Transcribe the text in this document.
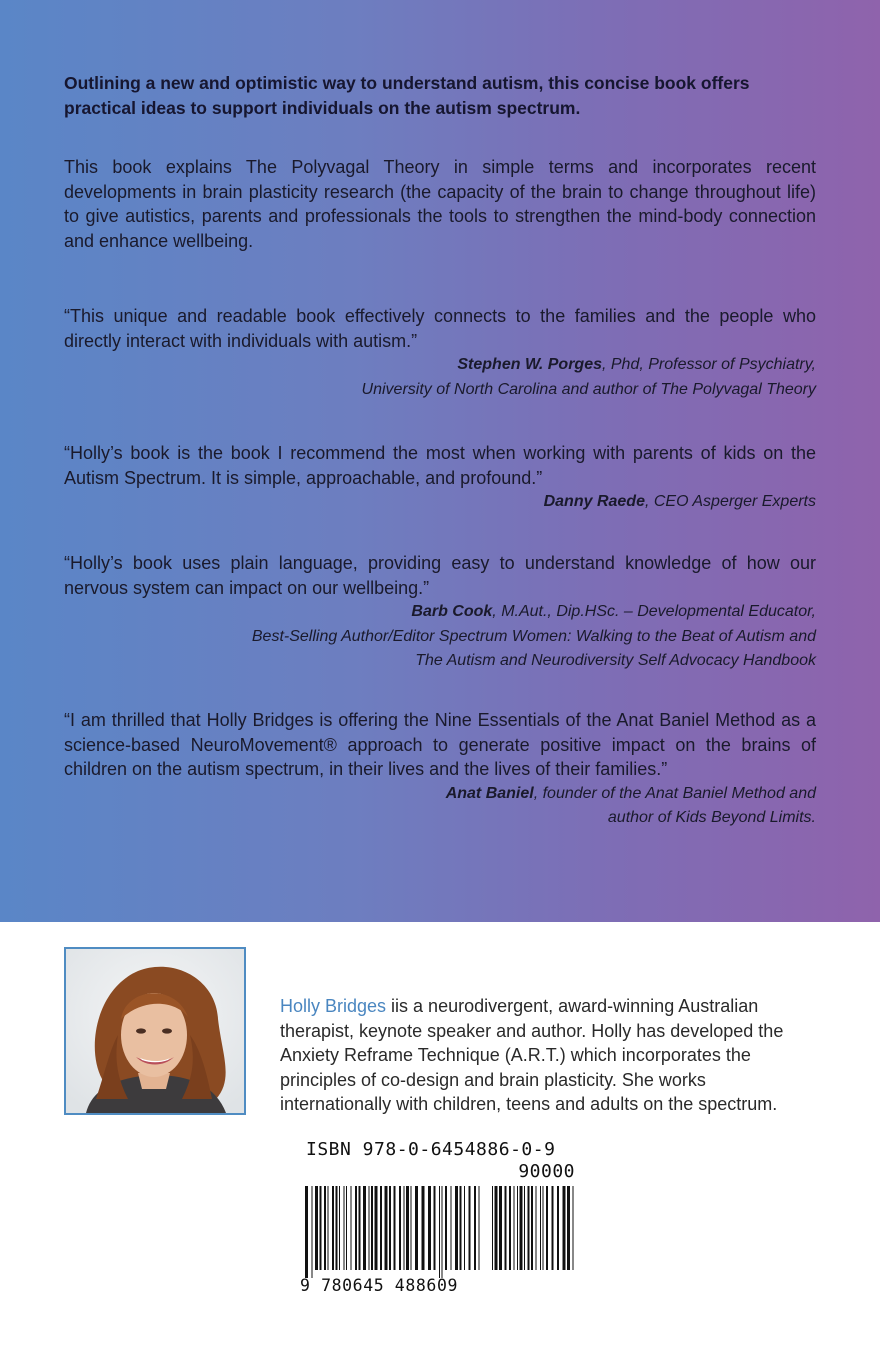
Outlining a new and optimistic way to understand autism, this concise book offers practical ideas to support individuals on the autism spectrum.

This book explains The Polyvagal Theory in simple terms and incorporates recent developments in brain plasticity research (the capacity of the brain to change throughout life) to give autistics, parents and professionals the tools to strengthen the mind-body connection and enhance wellbeing.

“This unique and readable book effectively connects to the families and the people who directly interact with individuals with autism.”

Stephen W. Porges, Phd, Professor of Psychiatry,

University of North Carolina and author of The Polyvagal Theory

“Holly’s book is the book I recommend the most when working with parents of kids on the Autism Spectrum. It is simple, approachable, and profound.”

Danny Raede, CEO Asperger Experts

“Holly’s book uses plain language, providing easy to understand knowledge of how our nervous system can impact on our wellbeing.”

Barb Cook, M.Aut., Dip.HSc. – Developmental Educator,

Best-Selling Author/Editor Spectrum Women: Walking to the Beat of Autism and

The Autism and Neurodiversity Self Advocacy Handbook

“I am thrilled that Holly Bridges is offering the Nine Essentials of the Anat Baniel Method as a science-based NeuroMovement® approach to generate positive impact on the brains of children on the autism spectrum, in their lives and the lives of their families.”

Anat Baniel, founder of the Anat Baniel Method and

author of Kids Beyond Limits.

Holly Bridges iis a neurodivergent, award-winning Australian therapist, keynote speaker and author. Holly has developed the Anxiety Reframe Technique (A.R.T.) which incorporates the principles of co-design and brain plasticity. She works internationally with children, teens and adults on the spectrum.

ISBN 978-0-6454886-0-9

90000

9 780645 488609
